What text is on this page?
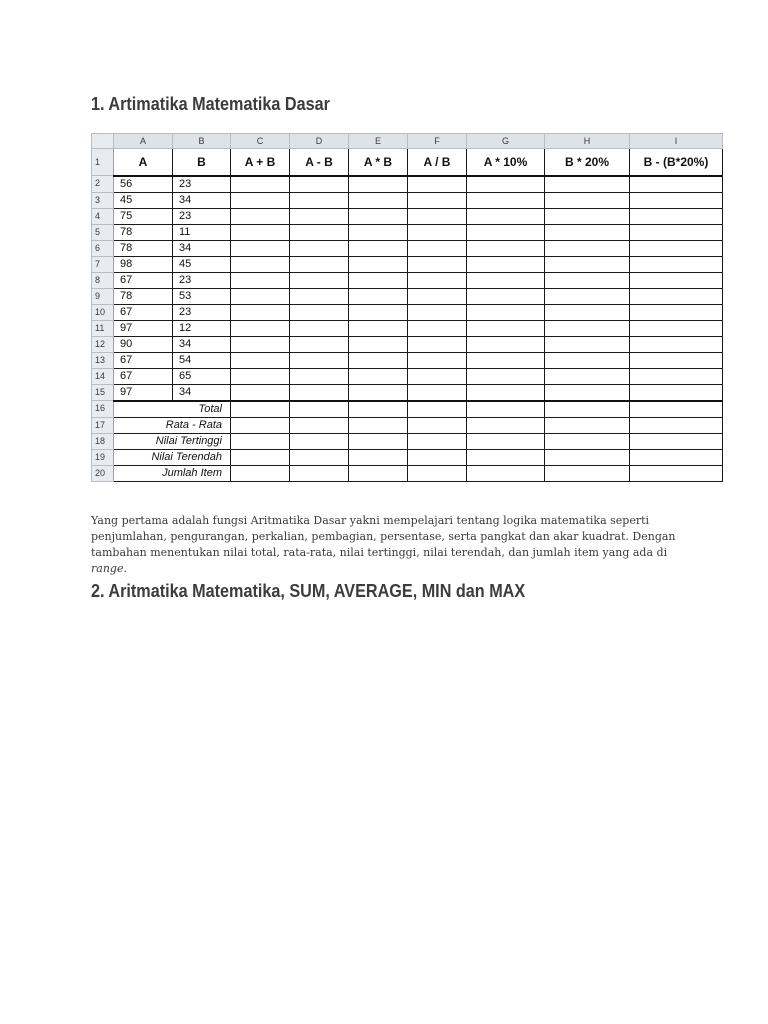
1. Artimatika Matematika Dasar
	A	B	C	D	E	F	G	H	I
1	A	B	A + B	A - B	A * B	A / B	A * 10%	B * 20%	B - (B*20%)
2	56	23							
3	45	34							
4	75	23							
5	78	11							
6	78	34							
7	98	45							
8	67	23							
9	78	53							
10	67	23							
11	97	12							
12	90	34							
13	67	54							
14	67	65							
15	97	34							
16	Total								
17	Rata - Rata								
18	Nilai Tertinggi								
19	Nilai Terendah								
20	Jumlah Item								

Yang pertama adalah fungsi Aritmatika Dasar yakni mempelajari tentang logika matematika seperti penjumlahan, pengurangan, perkalian, pembagian, persentase, serta pangkat dan akar kuadrat. Dengan tambahan menentukan nilai total, rata-rata, nilai tertinggi, nilai terendah, dan jumlah item yang ada di range.

2. Aritmatika Matematika, SUM, AVERAGE, MIN dan MAX
